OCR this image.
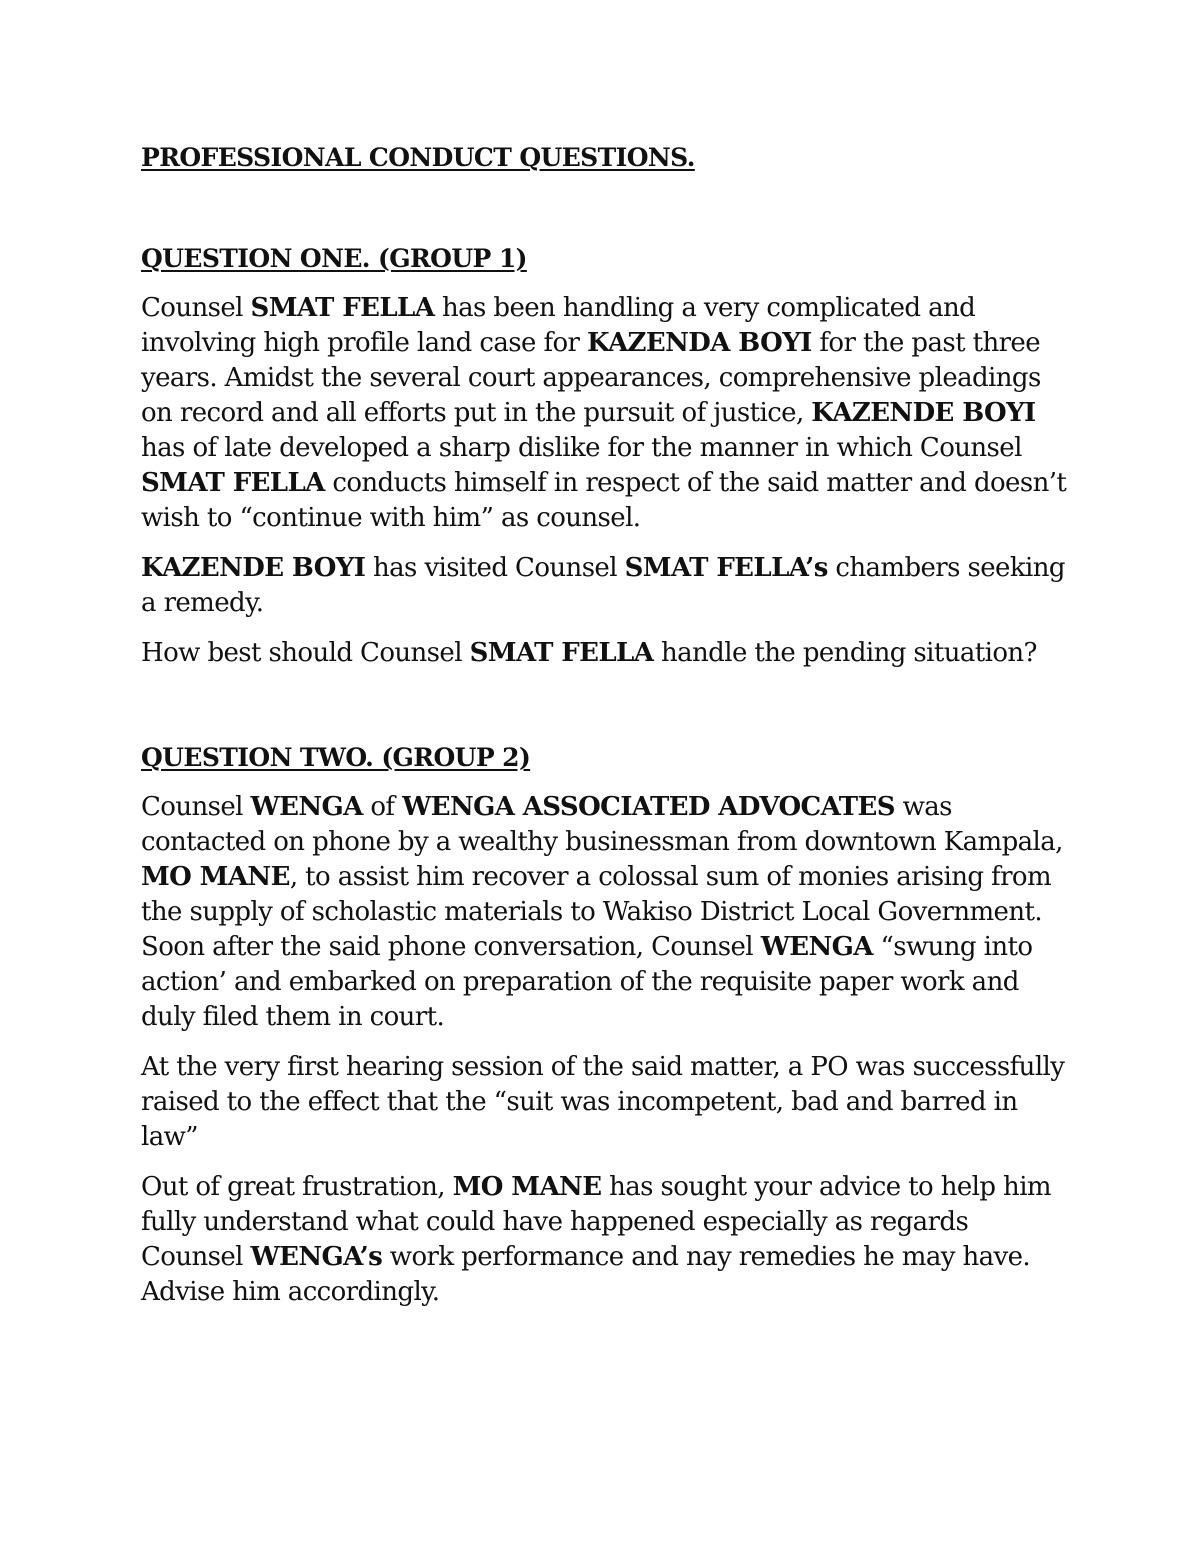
PROFESSIONAL CONDUCT QUESTIONS.
QUESTION ONE. (GROUP 1)

Counsel SMAT FELLA has been handling a very complicated and involving high profile land case for KAZENDA BOYI for the past three years. Amidst the several court appearances, comprehensive pleadings on record and all efforts put in the pursuit of justice, KAZENDE BOYI has of late developed a sharp dislike for the manner in which Counsel SMAT FELLA conducts himself in respect of the said matter and doesn’t wish to “continue with him” as counsel.

KAZENDE BOYI has visited Counsel SMAT FELLA’s chambers seeking a remedy.

How best should Counsel SMAT FELLA handle the pending situation?

QUESTION TWO. (GROUP 2)

Counsel WENGA of WENGA ASSOCIATED ADVOCATES was contacted on phone by a wealthy businessman from downtown Kampala, MO MANE, to assist him recover a colossal sum of monies arising from the supply of scholastic materials to Wakiso District Local Government. Soon after the said phone conversation, Counsel WENGA “swung into action’ and embarked on preparation of the requisite paper work and duly filed them in court.

At the very first hearing session of the said matter, a PO was successfully raised to the effect that the “suit was incompetent, bad and barred in law”

Out of great frustration, MO MANE has sought your advice to help him fully understand what could have happened especially as regards Counsel WENGA’s work performance and nay remedies he may have. Advise him accordingly.
